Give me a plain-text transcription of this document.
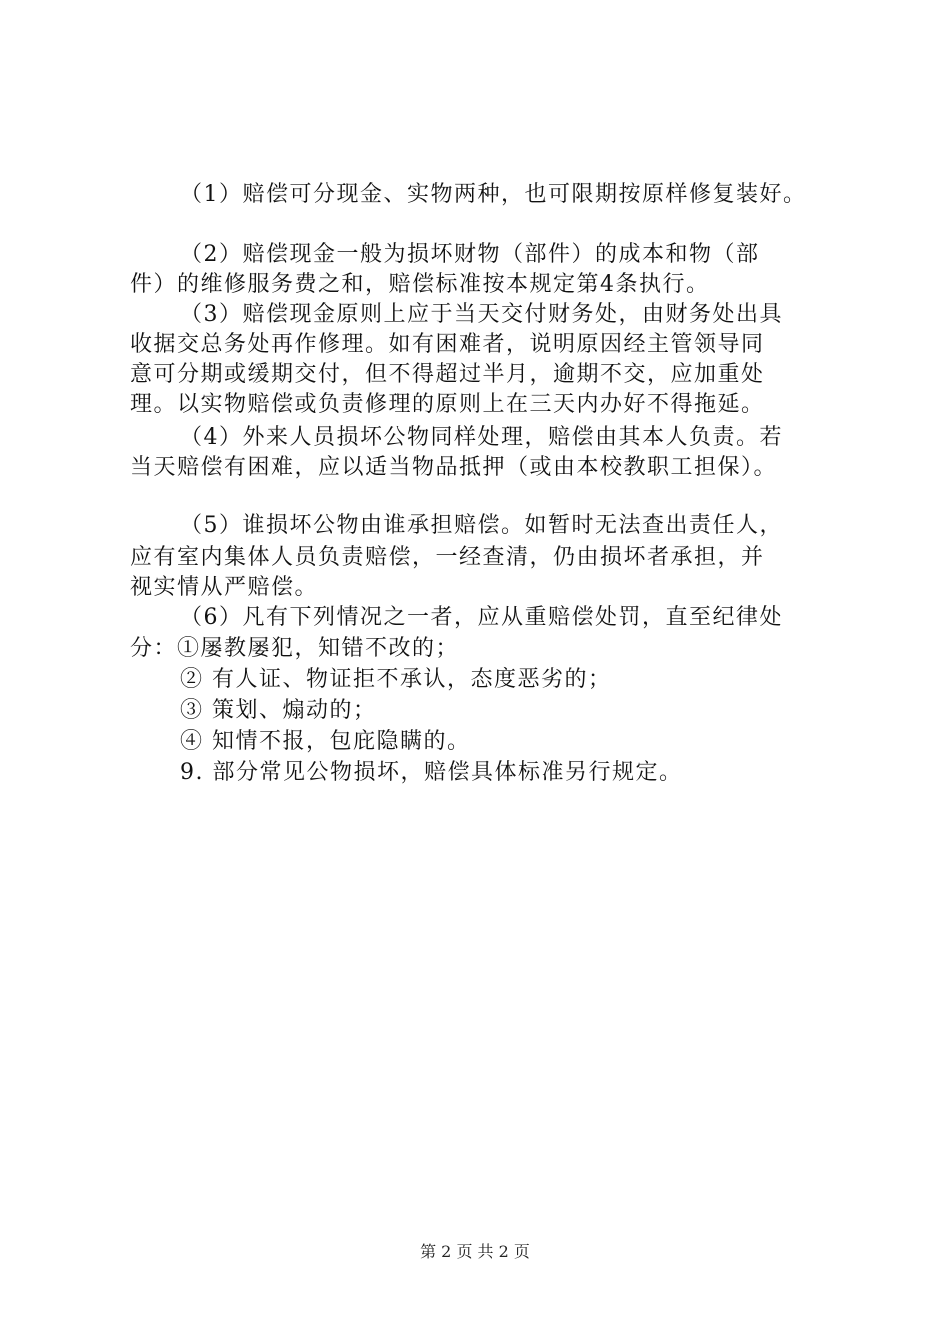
（1）赔偿可分现金、实物两种，也可限期按原样修复装好。
（2）赔偿现金一般为损坏财物（部件）的成本和物（部
件）的维修服务费之和，赔偿标准按本规定第4条执行。
（3）赔偿现金原则上应于当天交付财务处，由财务处出具
收据交总务处再作修理。如有困难者，说明原因经主管领导同
意可分期或缓期交付，但不得超过半月，逾期不交，应加重处
理。以实物赔偿或负责修理的原则上在三天内办好不得拖延。
（4）外来人员损坏公物同样处理，赔偿由其本人负责。若
当天赔偿有困难，应以适当物品抵押（或由本校教职工担保）。
（5）谁损坏公物由谁承担赔偿。如暂时无法查出责任人，
应有室内集体人员负责赔偿，一经查清，仍由损坏者承担，并
视实情从严赔偿。
（6）凡有下列情况之一者，应从重赔偿处罚，直至纪律处
分：①屡教屡犯，知错不改的；
② 有人证、物证拒不承认，态度恶劣的；
③ 策划、煽动的；
④ 知情不报，包庇隐瞒的。
9. 部分常见公物损坏，赔偿具体标准另行规定。
第 2 页 共 2 页
